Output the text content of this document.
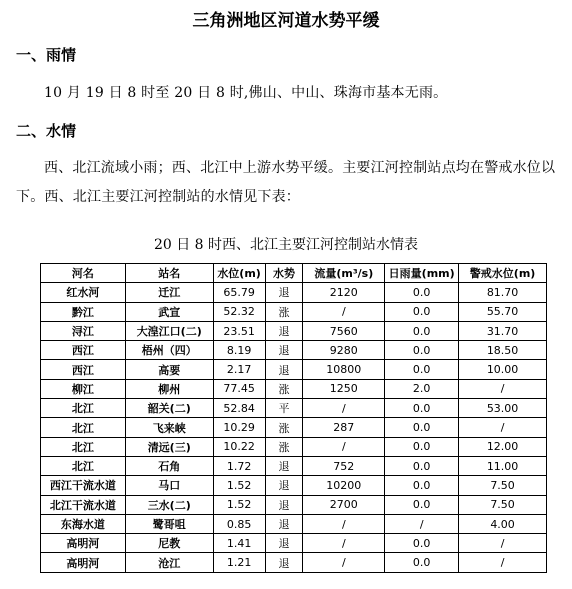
三角洲地区河道水势平缓
一、雨情
10 月 19 日 8 时至 20 日 8 时,佛山、中山、珠海市基本无雨。
二、水情
西、北江流域小雨；西、北江中上游水势平缓。主要江河控制站点均在警戒水位以下。西、北江主要江河控制站的水情见下表：
20 日 8 时西、北江主要江河控制站水情表
河名	站名	水位(m)	水势	流量(m³/s)	日雨量(mm)	警戒水位(m)
红水河	迁江	65.79	退	2120	0.0	81.70
黔江	武宣	52.32	涨	/	0.0	55.70
浔江	大湟江口(二)	23.51	退	7560	0.0	31.70
西江	梧州（四）	8.19	退	9280	0.0	18.50
西江	高要	2.17	退	10800	0.0	10.00
柳江	柳州	77.45	涨	1250	2.0	/
北江	韶关(二)	52.84	平	/	0.0	53.00
北江	飞来峡	10.29	涨	287	0.0	/
北江	清远(三)	10.22	涨	/	0.0	12.00
北江	石角	1.72	退	752	0.0	11.00
西江干流水道	马口	1.52	退	10200	0.0	7.50
北江干流水道	三水(二)	1.52	退	2700	0.0	7.50
东海水道	鹭哥咀	0.85	退	/	/	4.00
高明河	尼教	1.41	退	/	0.0	/
高明河	沧江	1.21	退	/	0.0	/
